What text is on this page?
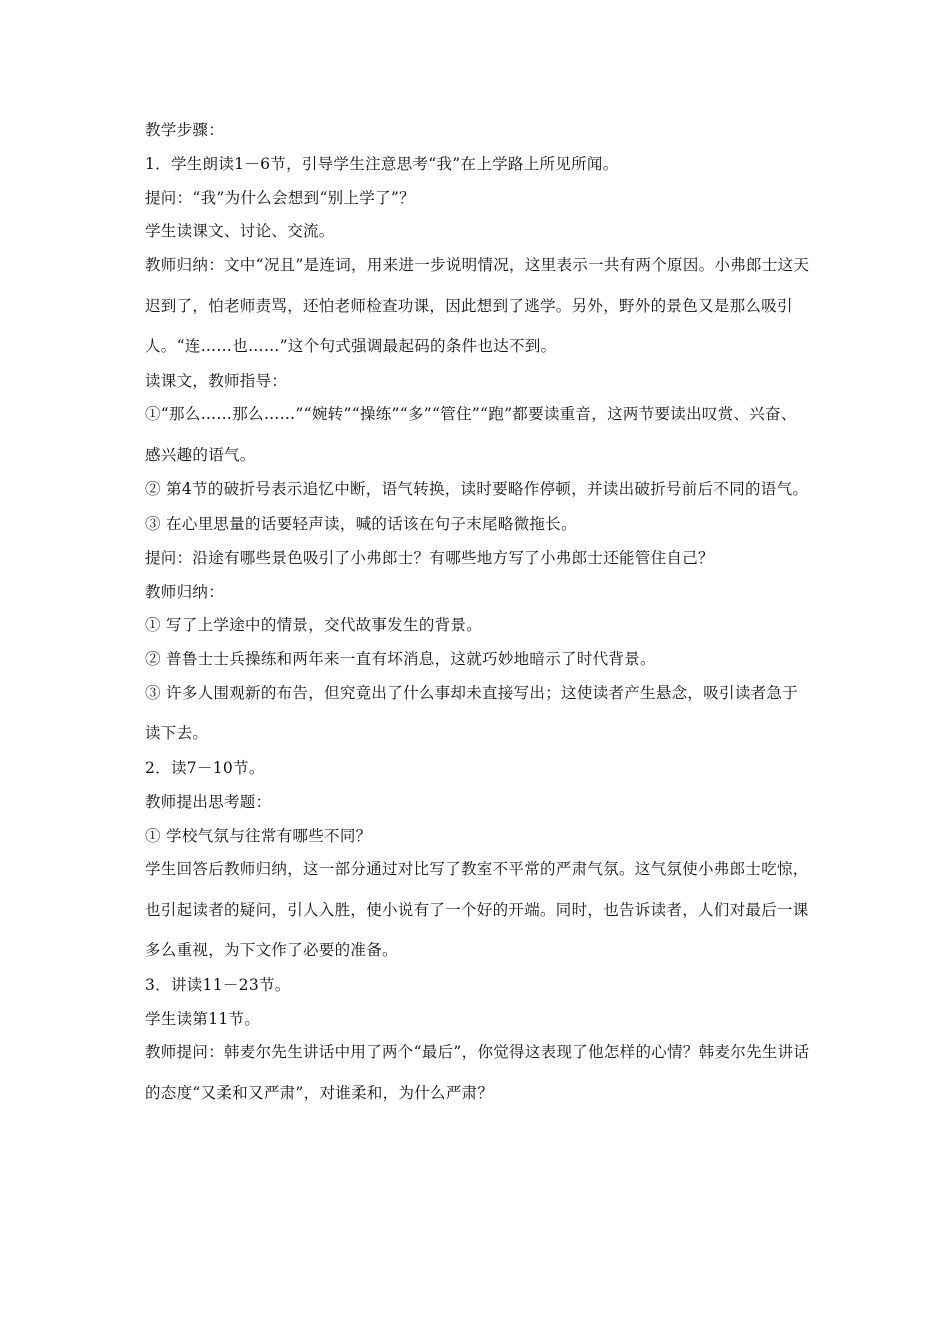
教学步骤：

1．学生朗读1－6节，引导学生注意思考“我”在上学路上所见所闻。

提问：“我”为什么会想到“别上学了”？

学生读课文、讨论、交流。

教师归纳：文中“况且”是连词，用来进一步说明情况，这里表示一共有两个原因。小弗郎士这天迟到了，怕老师责骂，还怕老师检查功课，因此想到了逃学。另外，野外的景色又是那么吸引人。“连……也……”这个句式强调最起码的条件也达不到。

读课文，教师指导：

①“那么……那么……”“婉转”“操练”“多”“管住”“跑”都要读重音，这两节要读出叹赏、兴奋、感兴趣的语气。

② 第4节的破折号表示追忆中断，语气转换，读时要略作停顿，并读出破折号前后不同的语气。

③ 在心里思量的话要轻声读，喊的话该在句子末尾略微拖长。

提问：沿途有哪些景色吸引了小弗郎士？有哪些地方写了小弗郎士还能管住自己？

教师归纳：

① 写了上学途中的情景，交代故事发生的背景。

② 普鲁士士兵操练和两年来一直有坏消息，这就巧妙地暗示了时代背景。

③ 许多人围观新的布告，但究竟出了什么事却未直接写出；这使读者产生悬念，吸引读者急于读下去。

2．读7－10节。

教师提出思考题：

① 学校气氛与往常有哪些不同？

学生回答后教师归纳，这一部分通过对比写了教室不平常的严肃气氛。这气氛使小弗郎士吃惊，也引起读者的疑问，引人入胜，使小说有了一个好的开端。同时，也告诉读者，人们对最后一课多么重视，为下文作了必要的准备。

3．讲读11－23节。

学生读第11节。

教师提问：韩麦尔先生讲话中用了两个“最后”，你觉得这表现了他怎样的心情？韩麦尔先生讲话的态度“又柔和又严肃”，对谁柔和，为什么严肃？
